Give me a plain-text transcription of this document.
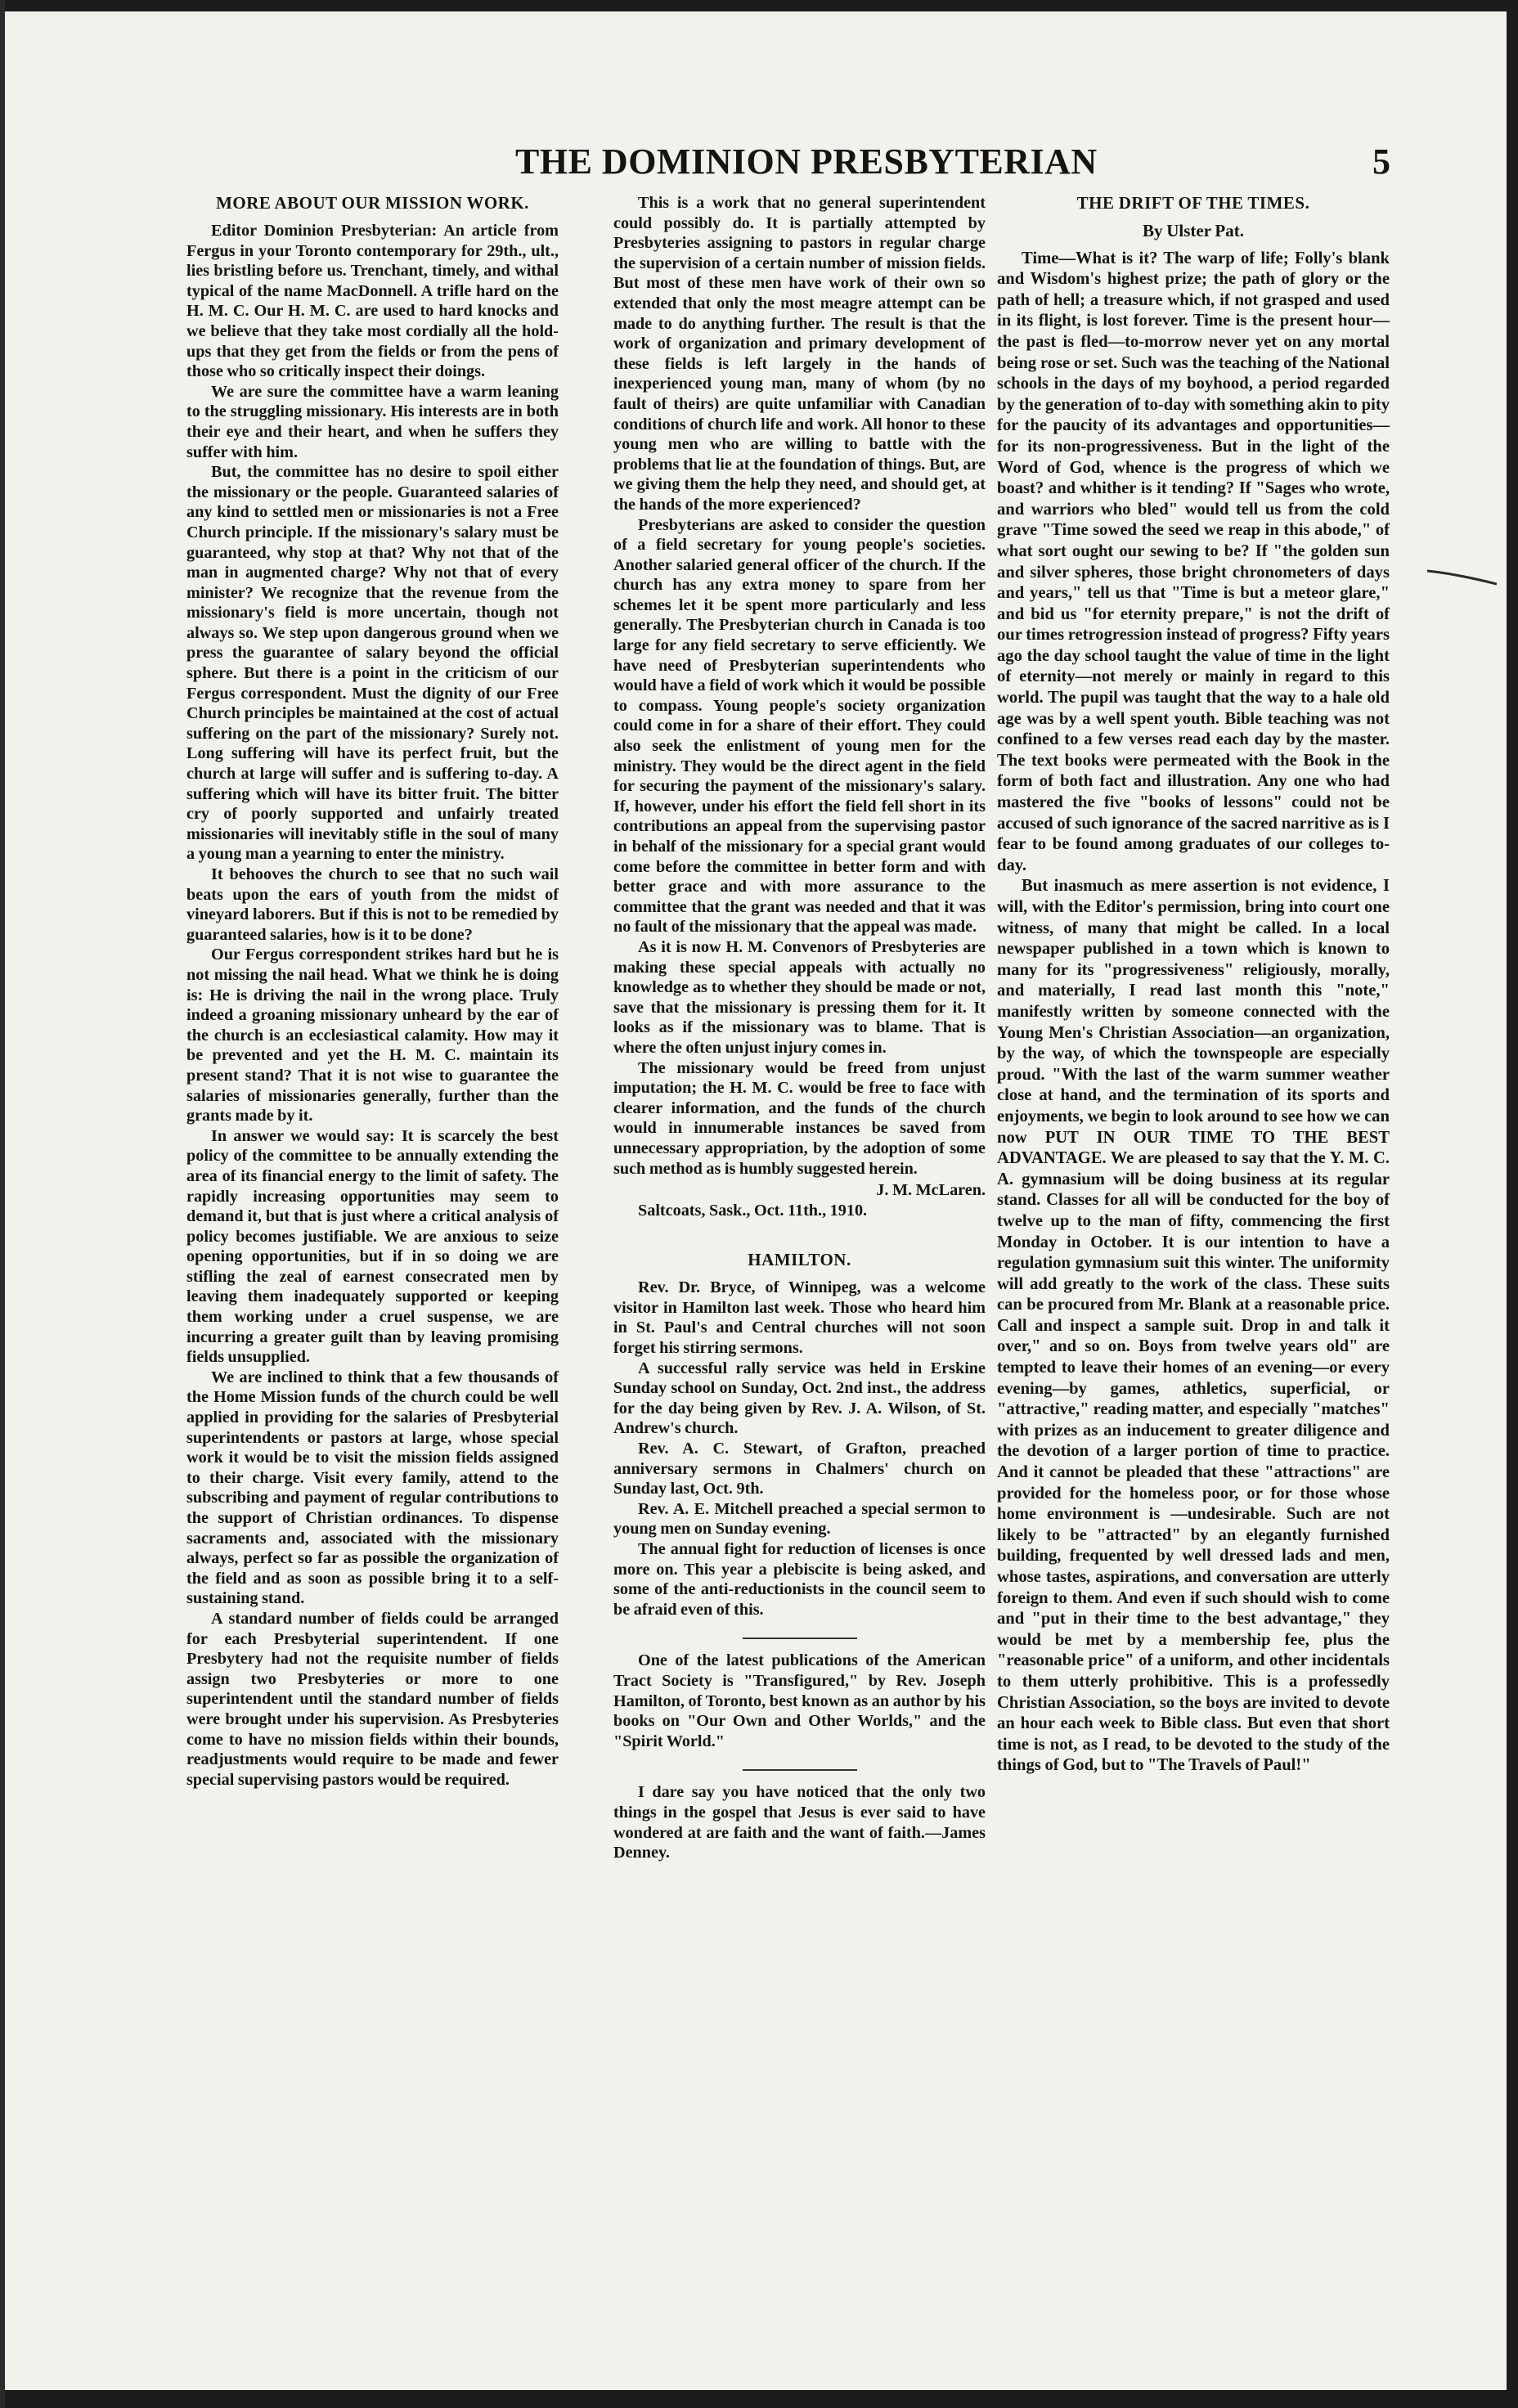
THE DOMINION PRESBYTERIAN	5
MORE ABOUT OUR MISSION WORK.

Editor Dominion Presbyterian: An article from Fergus in your Toronto contemporary for 29th., ult., lies bristling before us. Trenchant, timely, and withal typical of the name MacDonnell. A trifle hard on the H. M. C. Our H. M. C. are used to hard knocks and we believe that they take most cordially all the hold-ups that they get from the fields or from the pens of those who so critically inspect their doings.

We are sure the committee have a warm leaning to the struggling missionary. His interests are in both their eye and their heart, and when he suffers they suffer with him.

But, the committee has no desire to spoil either the missionary or the people. Guaranteed salaries of any kind to settled men or missionaries is not a Free Church principle. If the missionary's salary must be guaranteed, why stop at that? Why not that of the man in augmented charge? Why not that of every minister? We recognize that the revenue from the missionary's field is more uncertain, though not always so. We step upon dangerous ground when we press the guarantee of salary beyond the official sphere. But there is a point in the criticism of our Fergus correspondent. Must the dignity of our Free Church principles be maintained at the cost of actual suffering on the part of the missionary? Surely not. Long suffering will have its perfect fruit, but the church at large will suffer and is suffering to-day. A suffering which will have its bitter fruit. The bitter cry of poorly supported and unfairly treated missionaries will inevitably stifle in the soul of many a young man a yearning to enter the ministry.

It behooves the church to see that no such wail beats upon the ears of youth from the midst of vineyard laborers. But if this is not to be remedied by guaranteed salaries, how is it to be done?

Our Fergus correspondent strikes hard but he is not missing the nail head. What we think he is doing is: He is driving the nail in the wrong place. Truly indeed a groaning missionary unheard by the ear of the church is an ecclesiastical calamity. How may it be prevented and yet the H. M. C. maintain its present stand? That it is not wise to guarantee the salaries of missionaries generally, further than the grants made by it.

In answer we would say: It is scarcely the best policy of the committee to be annually extending the area of its financial energy to the limit of safety. The rapidly increasing opportunities may seem to demand it, but that is just where a critical analysis of policy becomes justifiable. We are anxious to seize opening opportunities, but if in so doing we are stifling the zeal of earnest consecrated men by leaving them inadequately supported or keeping them working under a cruel suspense, we are incurring a greater guilt than by leaving promising fields unsupplied.

We are inclined to think that a few thousands of the Home Mission funds of the church could be well applied in providing for the salaries of Presbyterial superintendents or pastors at large, whose special work it would be to visit the mission fields assigned to their charge. Visit every family, attend to the subscribing and payment of regular contributions to the support of Christian ordinances. To dispense sacraments and, associated with the missionary always, perfect so far as possible the organization of the field and as soon as possible bring it to a self-sustaining stand.

A standard number of fields could be arranged for each Presbyterial superintendent. If one Presbytery had not the requisite number of fields assign two Presbyteries or more to one superintendent until the standard number of fields were brought under his supervision. As Presbyteries come to have no mission fields within their bounds, readjustments would require to be made and fewer special supervising pastors would be required.

This is a work that no general superintendent could possibly do. It is partially attempted by Presbyteries assigning to pastors in regular charge the supervision of a certain number of mission fields. But most of these men have work of their own so extended that only the most meagre attempt can be made to do anything further. The result is that the work of organization and primary development of these fields is left largely in the hands of inexperienced young man, many of whom (by no fault of theirs) are quite unfamiliar with Canadian conditions of church life and work. All honor to these young men who are willing to battle with the problems that lie at the foundation of things. But, are we giving them the help they need, and should get, at the hands of the more experienced?

Presbyterians are asked to consider the question of a field secretary for young people's societies. Another salaried general officer of the church. If the church has any extra money to spare from her schemes let it be spent more particularly and less generally. The Presbyterian church in Canada is too large for any field secretary to serve efficiently. We have need of Presbyterian superintendents who would have a field of work which it would be possible to compass. Young people's society organization could come in for a share of their effort. They could also seek the enlistment of young men for the ministry. They would be the direct agent in the field for securing the payment of the missionary's salary. If, however, under his effort the field fell short in its contributions an appeal from the supervising pastor in behalf of the missionary for a special grant would come before the committee in better form and with better grace and with more assurance to the committee that the grant was needed and that it was no fault of the missionary that the appeal was made.

As it is now H. M. Convenors of Presbyteries are making these special appeals with actually no knowledge as to whether they should be made or not, save that the missionary is pressing them for it. It looks as if the missionary was to blame. That is where the often unjust injury comes in.

The missionary would be freed from unjust imputation; the H. M. C. would be free to face with clearer information, and the funds of the church would in innumerable instances be saved from unnecessary appropriation, by the adoption of some such method as is humbly suggested herein.

J. M. McLaren.
Saltcoats, Sask., Oct. 11th., 1910.
HAMILTON.

Rev. Dr. Bryce, of Winnipeg, was a welcome visitor in Hamilton last week. Those who heard him in St. Paul's and Central churches will not soon forget his stirring sermons.

A successful rally service was held in Erskine Sunday school on Sunday, Oct. 2nd inst., the address for the day being given by Rev. J. A. Wilson, of St. Andrew's church.

Rev. A. C. Stewart, of Grafton, preached anniversary sermons in Chalmers' church on Sunday last, Oct. 9th.

Rev. A. E. Mitchell preached a special sermon to young men on Sunday evening.

The annual fight for reduction of licenses is once more on. This year a plebiscite is being asked, and some of the anti-reductionists in the council seem to be afraid even of this.

One of the latest publications of the American Tract Society is "Transfigured," by Rev. Joseph Hamilton, of Toronto, best known as an author by his books on "Our Own and Other Worlds," and the "Spirit World."

I dare say you have noticed that the only two things in the gospel that Jesus is ever said to have wondered at are faith and the want of faith.—James Denney.

THE DRIFT OF THE TIMES.
By Ulster Pat.

Time—What is it? The warp of life; Folly's blank and Wisdom's highest prize; the path of glory or the path of hell; a treasure which, if not grasped and used in its flight, is lost forever. Time is the present hour—the past is fled—to-morrow never yet on any mortal being rose or set. Such was the teaching of the National schools in the days of my boyhood, a period regarded by the generation of to-day with something akin to pity for the paucity of its advantages and opportunities—for its non-progressiveness. But in the light of the Word of God, whence is the progress of which we boast? and whither is it tending? If "Sages who wrote, and warriors who bled" would tell us from the cold grave "Time sowed the seed we reap in this abode," of what sort ought our sewing to be? If "the golden sun and silver spheres, those bright chronometers of days and years," tell us that "Time is but a meteor glare," and bid us "for eternity prepare," is not the drift of our times retrogression instead of progress? Fifty years ago the day school taught the value of time in the light of eternity—not merely or mainly in regard to this world. The pupil was taught that the way to a hale old age was by a well spent youth. Bible teaching was not confined to a few verses read each day by the master. The text books were permeated with the Book in the form of both fact and illustration. Any one who had mastered the five "books of lessons" could not be accused of such ignorance of the sacred narritive as is I fear to be found among graduates of our colleges to-day.

But inasmuch as mere assertion is not evidence, I will, with the Editor's permission, bring into court one witness, of many that might be called. In a local newspaper published in a town which is known to many for its "progressiveness" religiously, morally, and materially, I read last month this "note," manifestly written by someone connected with the Young Men's Christian Association—an organization, by the way, of which the townspeople are especially proud. "With the last of the warm summer weather close at hand, and the termination of its sports and enjoyments, we begin to look around to see how we can now PUT IN OUR TIME TO THE BEST ADVANTAGE. We are pleased to say that the Y. M. C. A. gymnasium will be doing business at its regular stand. Classes for all will be conducted for the boy of twelve up to the man of fifty, commencing the first Monday in October. It is our intention to have a regulation gymnasium suit this winter. The uniformity will add greatly to the work of the class. These suits can be procured from Mr. Blank at a reasonable price. Call and inspect a sample suit. Drop in and talk it over," and so on. Boys from twelve years old" are tempted to leave their homes of an evening—or every evening—by games, athletics, superficial, or "attractive," reading matter, and especially "matches" with prizes as an inducement to greater diligence and the devotion of a larger portion of time to practice. And it cannot be pleaded that these "attractions" are provided for the homeless poor, or for those whose home environment is —undesirable. Such are not likely to be "attracted" by an elegantly furnished building, frequented by well dressed lads and men, whose tastes, aspirations, and conversation are utterly foreign to them. And even if such should wish to come and "put in their time to the best advantage," they would be met by a membership fee, plus the "reasonable price" of a uniform, and other incidentals to them utterly prohibitive. This is a professedly Christian Association, so the boys are invited to devote an hour each week to Bible class. But even that short time is not, as I read, to be devoted to the study of the things of God, but to "The Travels of Paul!"
